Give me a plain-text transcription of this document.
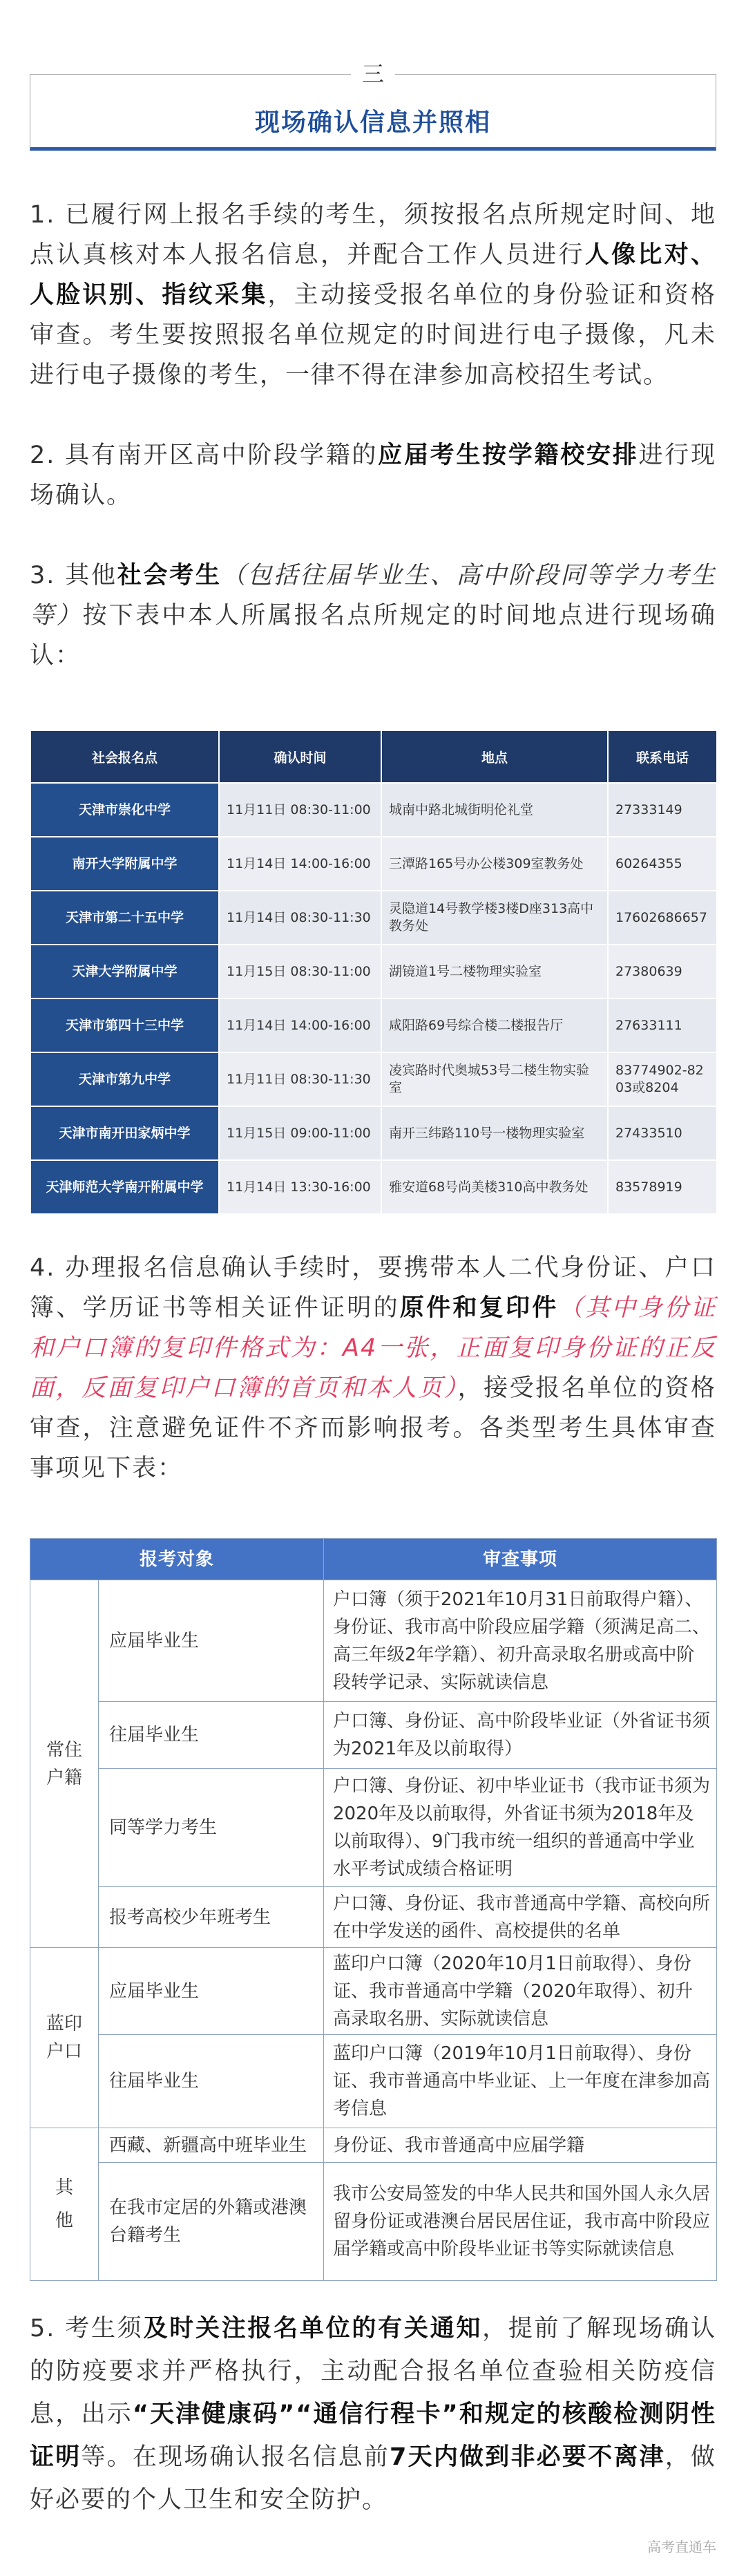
三
现场确认信息并照相

1. 已履行网上报名手续的考生，须按报名点所规定时间、地点认真核对本人报名信息，并配合工作人员进行人像比对、人脸识别、指纹采集，主动接受报名单位的身份验证和资格审查。考生要按照报名单位规定的时间进行电子摄像，凡未进行电子摄像的考生，一律不得在津参加高校招生考试。

2. 具有南开区高中阶段学籍的应届考生按学籍校安排进行现场确认。

3. 其他社会考生（包括往届毕业生、高中阶段同等学力考生等）按下表中本人所属报名点所规定的时间地点进行现场确认：

社会报名点	确认时间	地点	联系电话
天津市崇化中学	11月11日 08:30-11:00	城南中路北城街明伦礼堂	27333149
南开大学附属中学	11月14日 14:00-16:00	三潭路165号办公楼309室教务处	60264355
天津市第二十五中学	11月14日 08:30-11:30	灵隐道14号教学楼3楼D座313高中教务处	17602686657
天津大学附属中学	11月15日 08:30-11:00	湖镜道1号二楼物理实验室	27380639
天津市第四十三中学	11月14日 14:00-16:00	咸阳路69号综合楼二楼报告厅	27633111
天津市第九中学	11月11日 08:30-11:30	凌宾路时代奥城53号二楼生物实验室	83774902-8203或8204
天津市南开田家炳中学	11月15日 09:00-11:00	南开三纬路110号一楼物理实验室	27433510
天津师范大学南开附属中学	11月14日 13:30-16:00	雅安道68号尚美楼310高中教务处	83578919

4. 办理报名信息确认手续时，要携带本人二代身份证、户口簿、学历证书等相关证件证明的原件和复印件（其中身份证和户口簿的复印件格式为：A4一张，正面复印身份证的正反面，反面复印户口簿的首页和本人页），接受报名单位的资格审查，注意避免证件不齐而影响报考。各类型考生具体审查事项见下表：

报考对象		审查事项
常住户籍	应届毕业生	户口簿（须于2021年10月31日前取得户籍）、身份证、我市高中阶段应届学籍（须满足高二、高三年级2年学籍）、初升高录取名册或高中阶段转学记录、实际就读信息
	往届毕业生	户口簿、身份证、高中阶段毕业证（外省证书须为2021年及以前取得）
	同等学力考生	户口簿、身份证、初中毕业证书（我市证书须为2020年及以前取得，外省证书须为2018年及以前取得）、9门我市统一组织的普通高中学业水平考试成绩合格证明
	报考高校少年班考生	户口簿、身份证、我市普通高中学籍、高校向所在中学发送的函件、高校提供的名单
蓝印户口	应届毕业生	蓝印户口簿（2020年10月1日前取得）、身份证、我市普通高中学籍（2020年取得）、初升高录取名册、实际就读信息
	往届毕业生	蓝印户口簿（2019年10月1日前取得）、身份证、我市普通高中毕业证、上一年度在津参加高考信息
其他	西藏、新疆高中班毕业生	身份证、我市普通高中应届学籍
	在我市定居的外籍或港澳台籍考生	我市公安局签发的中华人民共和国外国人永久居留身份证或港澳台居民居住证，我市高中阶段应届学籍或高中阶段毕业证书等实际就读信息

5. 考生须及时关注报名单位的有关通知，提前了解现场确认的防疫要求并严格执行，主动配合报名单位查验相关防疫信息，出示“天津健康码”“通信行程卡”和规定的核酸检测阴性证明等。在现场确认报名信息前7天内做到非必要不离津，做好必要的个人卫生和安全防护。

高考直通车
